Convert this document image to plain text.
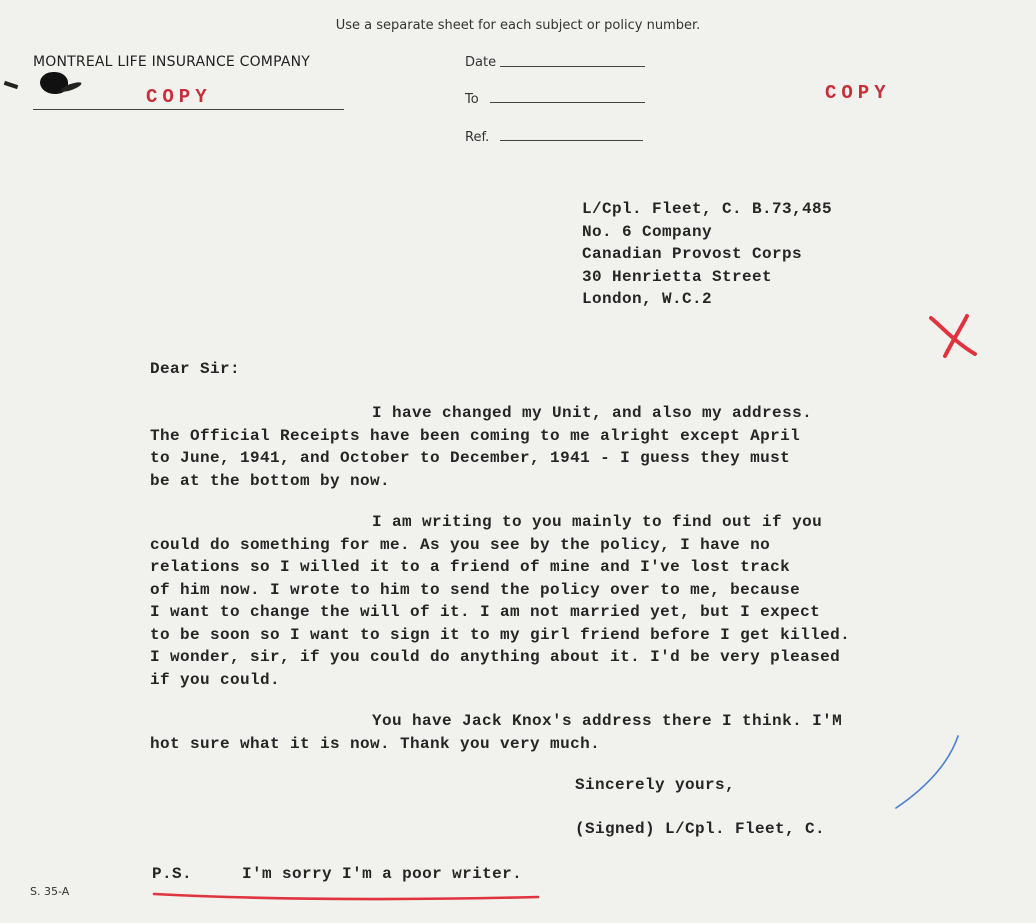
Use a separate sheet for each subject or policy number.

MONTREAL LIFE INSURANCE COMPANY

COPY	COPY

Date

To

Ref.

L/Cpl. Fleet, C. B.73,485
No. 6 Company
Canadian Provost Corps
30 Henrietta Street
London, W.C.2

Dear Sir:

I have changed my Unit, and also my address.
The Official Receipts have been coming to me alright except April
to June, 1941, and October to December, 1941 - I guess they must
be at the bottom by now.
I am writing to you mainly to find out if you
could do something for me. As you see by the policy, I have no
relations so I willed it to a friend of mine and I've lost track
of him now. I wrote to him to send the policy over to me, because
I want to change the will of it. I am not married yet, but I expect
to be soon so I want to sign it to my girl friend before I get killed.
I wonder, sir, if you could do anything about it. I'd be very pleased
if you could.
You have Jack Knox's address there I think. I'M
hot sure what it is now. Thank you very much.

Sincerely yours,

(Signed) L/Cpl. Fleet, C.

P.S.	I'm sorry I'm a poor writer.

S. 35-A
